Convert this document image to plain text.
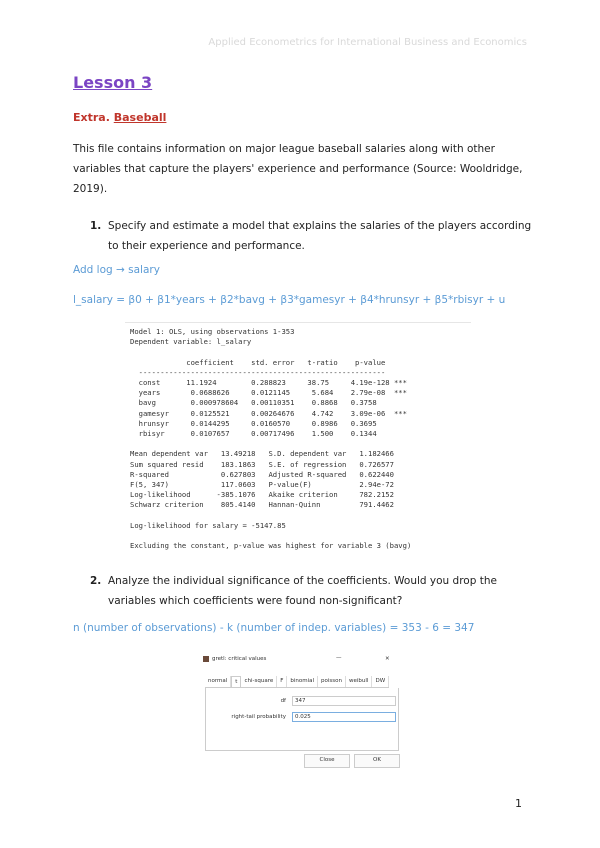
Applied Econometrics for International Business and Economics
Lesson 3
Extra. Baseball
This file contains information on major league baseball salaries along with other variables that capture the players' experience and performance (Source: Wooldridge, 2019).
1. Specify and estimate a model that explains the salaries of the players according to their experience and performance.
Add log → salary
l_salary = β0 + β1*years + β2*bavg + β3*gamesyr + β4*hrunsyr + β5*rbisyr + u
Model 1: OLS, using observations 1-353
Dependent variable: l_salary

coefficient    std. error   t-ratio    p-value
---------------------------------------------------------
const      11.1924        0.288823     38.75     4.19e-128 ***
years       0.0688626     0.0121145     5.684    2.79e-08  ***
bavg        0.000978604   0.00110351    0.8868   0.3758
gamesyr     0.0125521     0.00264676    4.742    3.09e-06  ***
hrunsyr     0.0144295     0.0160570     0.8986   0.3695
rbisyr      0.0107657     0.00717496    1.500    0.1344

Mean dependent var   13.49218   S.D. dependent var   1.182466
Sum squared resid    183.1863   S.E. of regression   0.726577
R-squared            0.627803   Adjusted R-squared   0.622440
F(5, 347)            117.0603   P-value(F)           2.94e-72
Log-likelihood      -385.1076   Akaike criterion     782.2152
Schwarz criterion    805.4140   Hannan-Quinn         791.4462

Log-likelihood for salary = -5147.85

Excluding the constant, p-value was highest for variable 3 (bavg)
2. Analyze the individual significance of the coefficients. Would you drop the variables which coefficients were found non-significant?
n (number of observations) - k (number of indep. variables) = 353 - 6 = 347
gretl: critical values	—	✕
normal	t	chi-square	F	binomial	poisson	weibull	DW
df	347
right-tail probability	0.025
Close	OK
1
